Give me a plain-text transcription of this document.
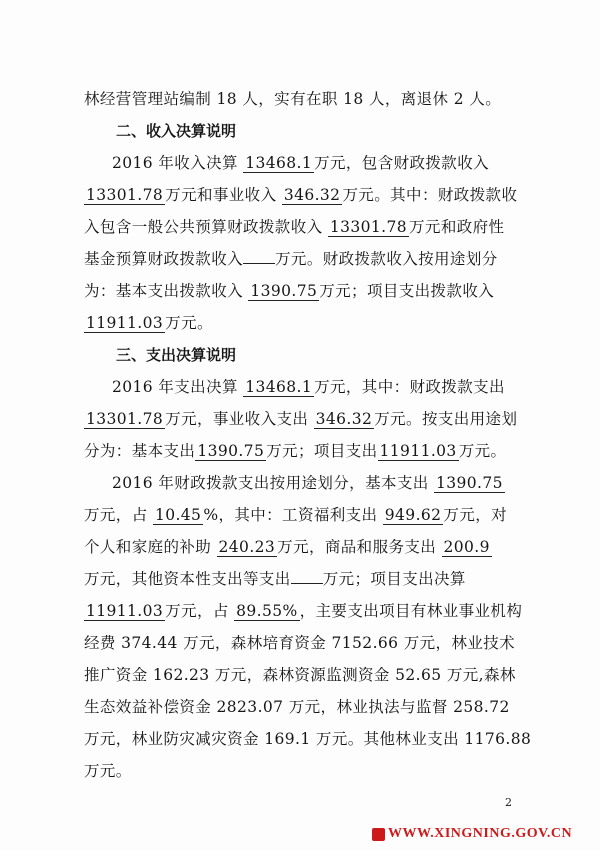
林经营管理站编制 18 人，实有在职 18 人，离退休 2 人。
二、收入决算说明
2016 年收入决算 13468.1 万元，包含财政拨款收入
13301.78 万元和事业收入 346.32 万元。其中：财政拨款收
入包含一般公共预算财政拨款收入 13301.78 万元和政府性
基金预算财政拨款收入 万元。财政拨款收入按用途划分
为：基本支出拨款收入 1390.75 万元；项目支出拨款收入
11911.03 万元。
三、支出决算说明
2016 年支出决算 13468.1 万元，其中：财政拨款支出
13301.78 万元，事业收入支出 346.32 万元。按支出用途划
分为：基本支出 1390.75 万元；项目支出 11911.03 万元。
2016 年财政拨款支出按用途划分，基本支出 1390.75
万元，占 10.45 %，其中：工资福利支出 949.62 万元，对
个人和家庭的补助 240.23 万元，商品和服务支出 200.9
万元，其他资本性支出等支出 万元；项目支出决算
11911.03 万元，占 89.55% ，主要支出项目有林业事业机构
经费 374.44 万元，森林培育资金 7152.66 万元，林业技术
推广资金 162.23 万元，森林资源监测资金 52.65 万元,森林
生态效益补偿资金 2823.07 万元，林业执法与监督 258.72
万元，林业防灾减灾资金 169.1 万元。其他林业支出 1176.88
万元。
2
WWW.XINGNING.GOV.CN
